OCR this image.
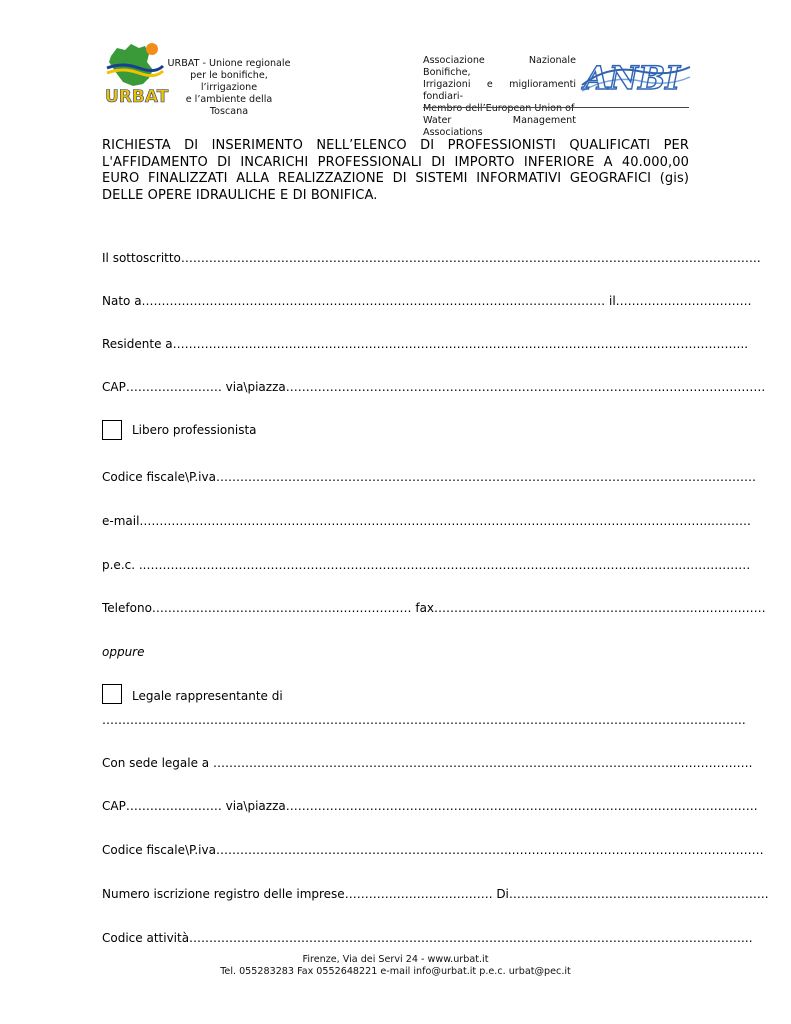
URBAT
URBAT - Unione regionale
per le bonifiche, l’irrigazione
e l’ambiente della Toscana
Associazione Nazionale Bonifiche,
Irrigazioni e miglioramenti fondiari-
Membro dell’European Union of
Water Management Associations
ANBI
RICHIESTA DI INSERIMENTO NELL’ELENCO DI PROFESSIONISTI QUALIFICATI PER L'AFFIDAMENTO DI INCARICHI PROFESSIONALI DI IMPORTO INFERIORE A 40.000,00 EURO FINALIZZATI ALLA REALIZZAZIONE DI SISTEMI INFORMATIVI GEOGRAFICI (gis) DELLE OPERE IDRAULICHE E DI BONIFICA.
Il sottoscritto……………………………………………………………………………………………………………………………….
Nato a…………………………………………………………………………………..………………… il…………………………….
Residente a…………………………………………………………………………………………………………….………………..
CAP…………………… via\piazza…………………………………………………………………………………..…………………….
Libero professionista
Codice fiscale\P.iva………………………………………………………………………………………………………………………
e-mail……………………………………………………………………………………………………………………………..……….
p.e.c. ..…………………………………………………………………………………………………………….………………………
Telefono………………………………………..……………… fax………………………………………………………..………………
oppure
Legale rappresentante di
……………………………………………………………………………………………………………………………………………..
Con sede legale a ……………………………………………………………………………………………………..……………….
CAP…………………… via\piazza……………………………………………………………………………………………………….
Codice fiscale\P.iva………………………………………………………………..………………………………………………………
Numero iscrizione registro delle imprese………………………………. Di………………………………………………………..
Codice attività……………………………………………………………………….…………………………………………………..
Firenze, Via dei Servi 24 - www.urbat.it
Tel. 055283283 Fax 0552648221 e-mail info@urbat.it p.e.c. urbat@pec.it
